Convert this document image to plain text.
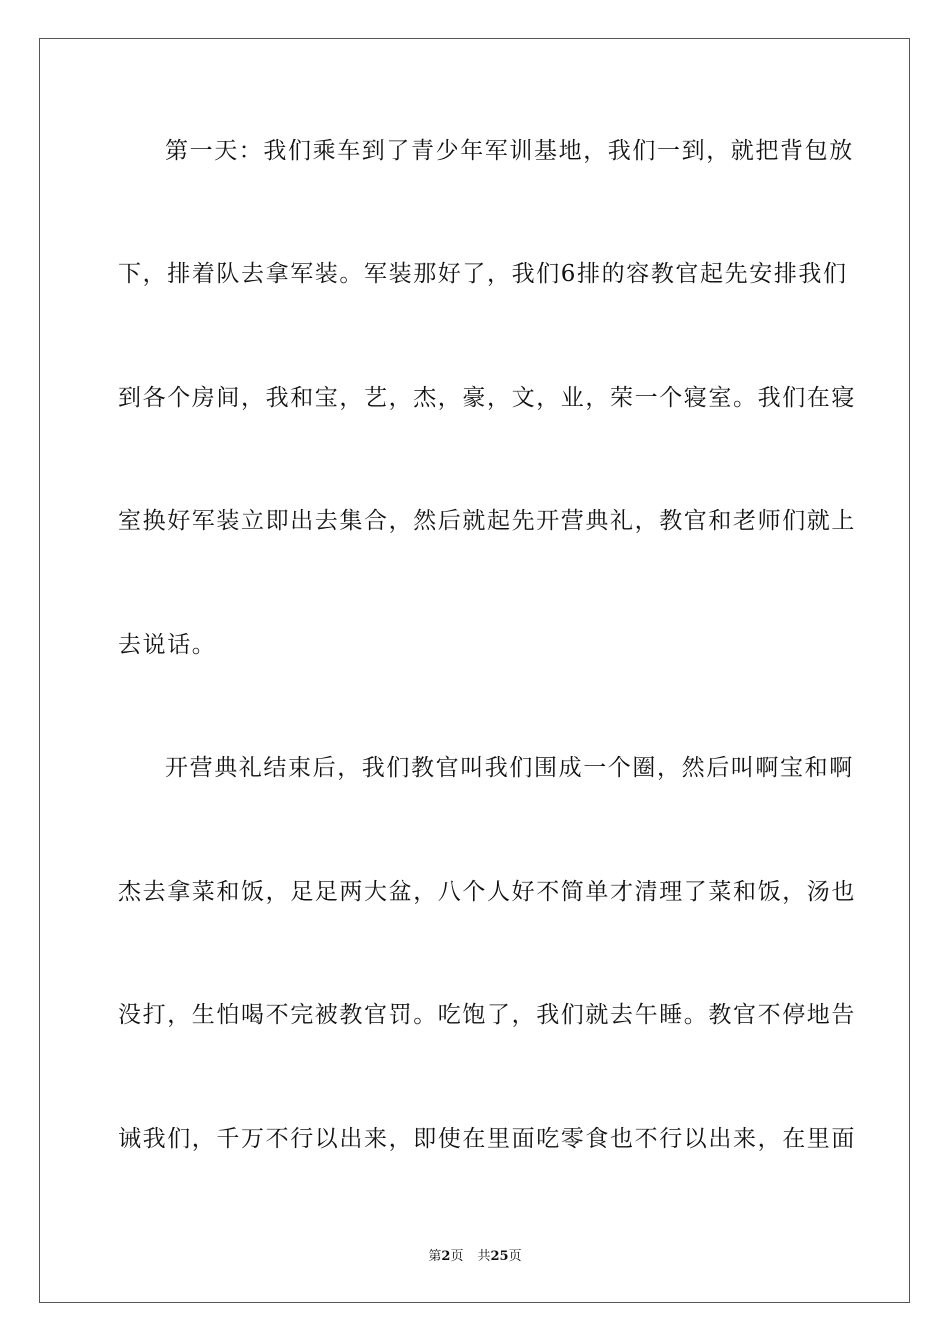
第一天：我们乘车到了青少年军训基地，我们一到，就把背包放
下，排着队去拿军装。军装那好了，我们6排的容教官起先安排我们
到各个房间，我和宝，艺，杰，豪，文，业，荣一个寝室。我们在寝
室换好军装立即出去集合，然后就起先开营典礼，教官和老师们就上
去说话。
开营典礼结束后，我们教官叫我们围成一个圈，然后叫啊宝和啊
杰去拿菜和饭，足足两大盆，八个人好不简单才清理了菜和饭，汤也
没打，生怕喝不完被教官罚。吃饱了，我们就去午睡。教官不停地告
诫我们，千万不行以出来，即使在里面吃零食也不行以出来，在里面
第2页 共25页
